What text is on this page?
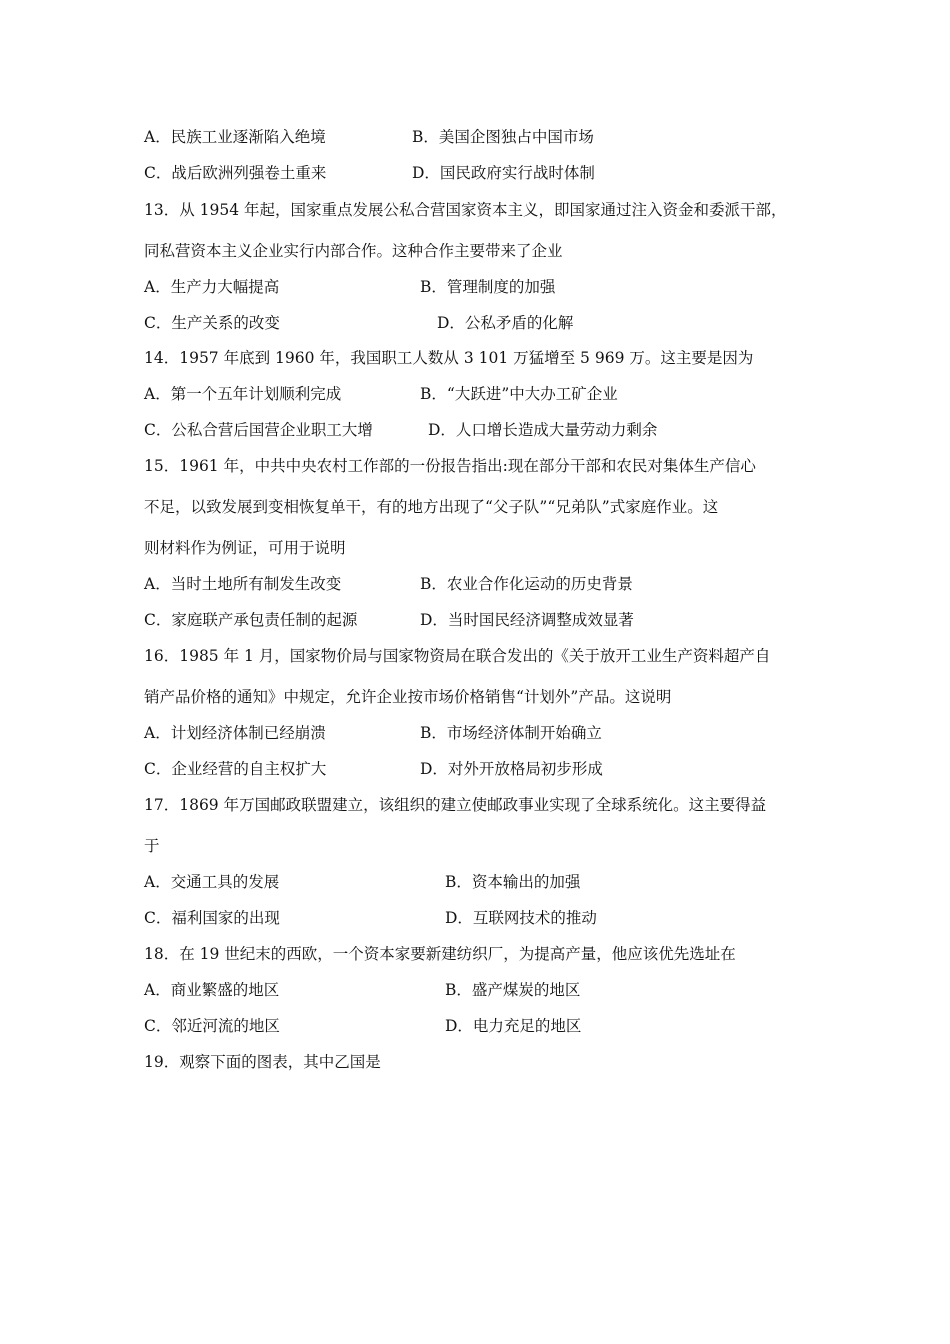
A．民族工业逐渐陷入绝境	B．美国企图独占中国市场
C．战后欧洲列强卷土重来	D．国民政府实行战时体制
13．从 1954 年起，国家重点发展公私合营国家资本主义，即国家通过注入资金和委派干部，
同私营资本主义企业实行内部合作。这种合作主要带来了企业
A．生产力大幅提高	B．管理制度的加强
C．生产关系的改变	D．公私矛盾的化解
14．1957 年底到 1960 年，我国职工人数从 3 101 万猛增至 5 969 万。这主要是因为
A．第一个五年计划顺利完成	B．“大跃进”中大办工矿企业
C．公私合营后国营企业职工大增	D．人口增长造成大量劳动力剩余
15．1961 年，中共中央农村工作部的一份报告指出:现在部分干部和农民对集体生产信心
不足，以致发展到变相恢复单干，有的地方出现了“父子队”“兄弟队”式家庭作业。这
则材料作为例证，可用于说明
A．当时土地所有制发生改变	B．农业合作化运动的历史背景
C．家庭联产承包责任制的起源	D．当时国民经济调整成效显著
16．1985 年 1 月，国家物价局与国家物资局在联合发出的《关于放开工业生产资料超产自
销产品价格的通知》中规定，允许企业按市场价格销售“计划外”产品。这说明
A．计划经济体制已经崩溃	B．市场经济体制开始确立
C．企业经营的自主权扩大	D．对外开放格局初步形成
17．1869 年万国邮政联盟建立，该组织的建立使邮政事业实现了全球系统化。这主要得益
于
A．交通工具的发展	B．资本输出的加强
C．福利国家的出现	D．互联网技术的推动
18．在 19 世纪末的西欧，一个资本家要新建纺织厂，为提高产量，他应该优先选址在
A．商业繁盛的地区	B．盛产煤炭的地区
C．邻近河流的地区	D．电力充足的地区
19．观察下面的图表，其中乙国是
